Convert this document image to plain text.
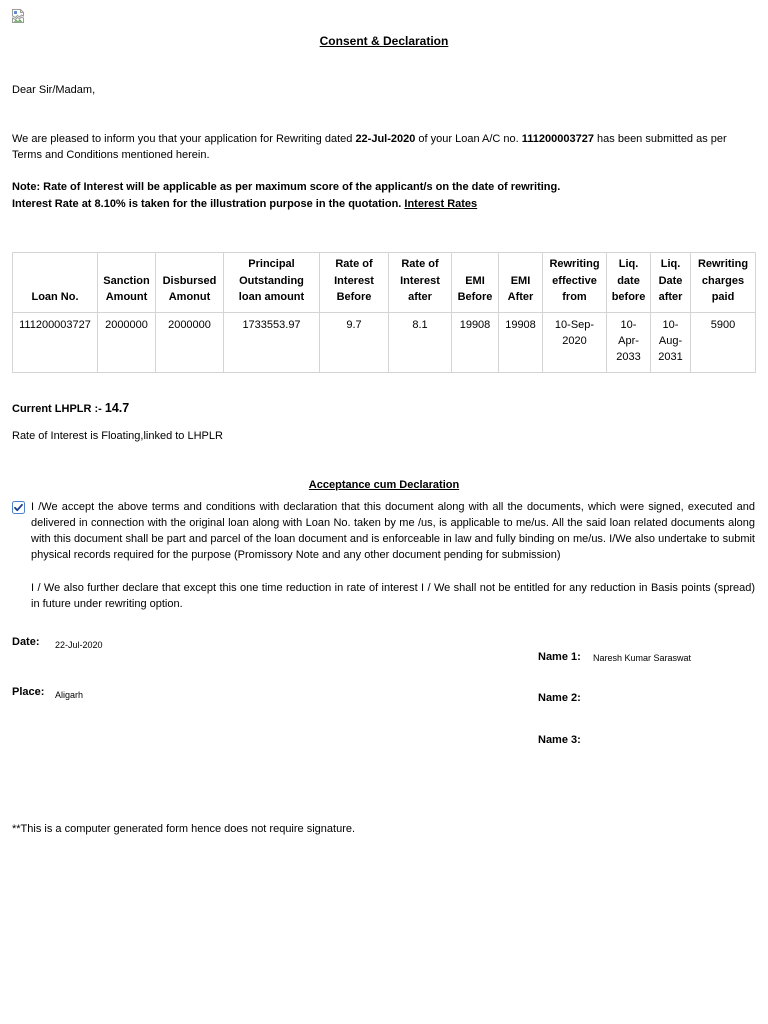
Consent & Declaration
Dear Sir/Madam,
We are pleased to inform you that your application for Rewriting dated 22-Jul-2020 of your Loan A/C no. 111200003727 has been submitted as per Terms and Conditions mentioned herein.
Note: Rate of Interest will be applicable as per maximum score of the applicant/s on the date of rewriting.
Interest Rate at 8.10% is taken for the illustration purpose in the quotation. Interest Rates
Loan No.	Sanction Amount	Disbursed Amonut	Principal Outstanding loan amount	Rate of Interest Before	Rate of Interest after	EMI Before	EMI After	Rewriting effective from	Liq. date before	Liq. Date after	Rewriting charges paid
111200003727	2000000	2000000	1733553.97	9.7	8.1	19908	19908	10-Sep-2020	10-Apr-2033	10-Aug-2031	5900
Current LHPLR :- 14.7
Rate of Interest is Floating,linked to LHPLR
Acceptance cum Declaration
I /We accept the above terms and conditions with declaration that this document along with all the documents, which were signed, executed and delivered in connection with the original loan along with Loan No. taken by me /us, is applicable to me/us. All the said loan related documents along with this document shall be part and parcel of the loan document and is enforceable in law and fully binding on me/us. I/We also undertake to submit physical records required for the purpose (Promissory Note and any other document pending for submission)
I / We also further declare that except this one time reduction in rate of interest I / We shall not be entitled for any reduction in Basis points (spread) in future under rewriting option.
Date: 22-Jul-2020
Place: Aligarh
Name 1: Naresh Kumar Saraswat
Name 2:
Name 3:
**This is a computer generated form hence does not require signature.
